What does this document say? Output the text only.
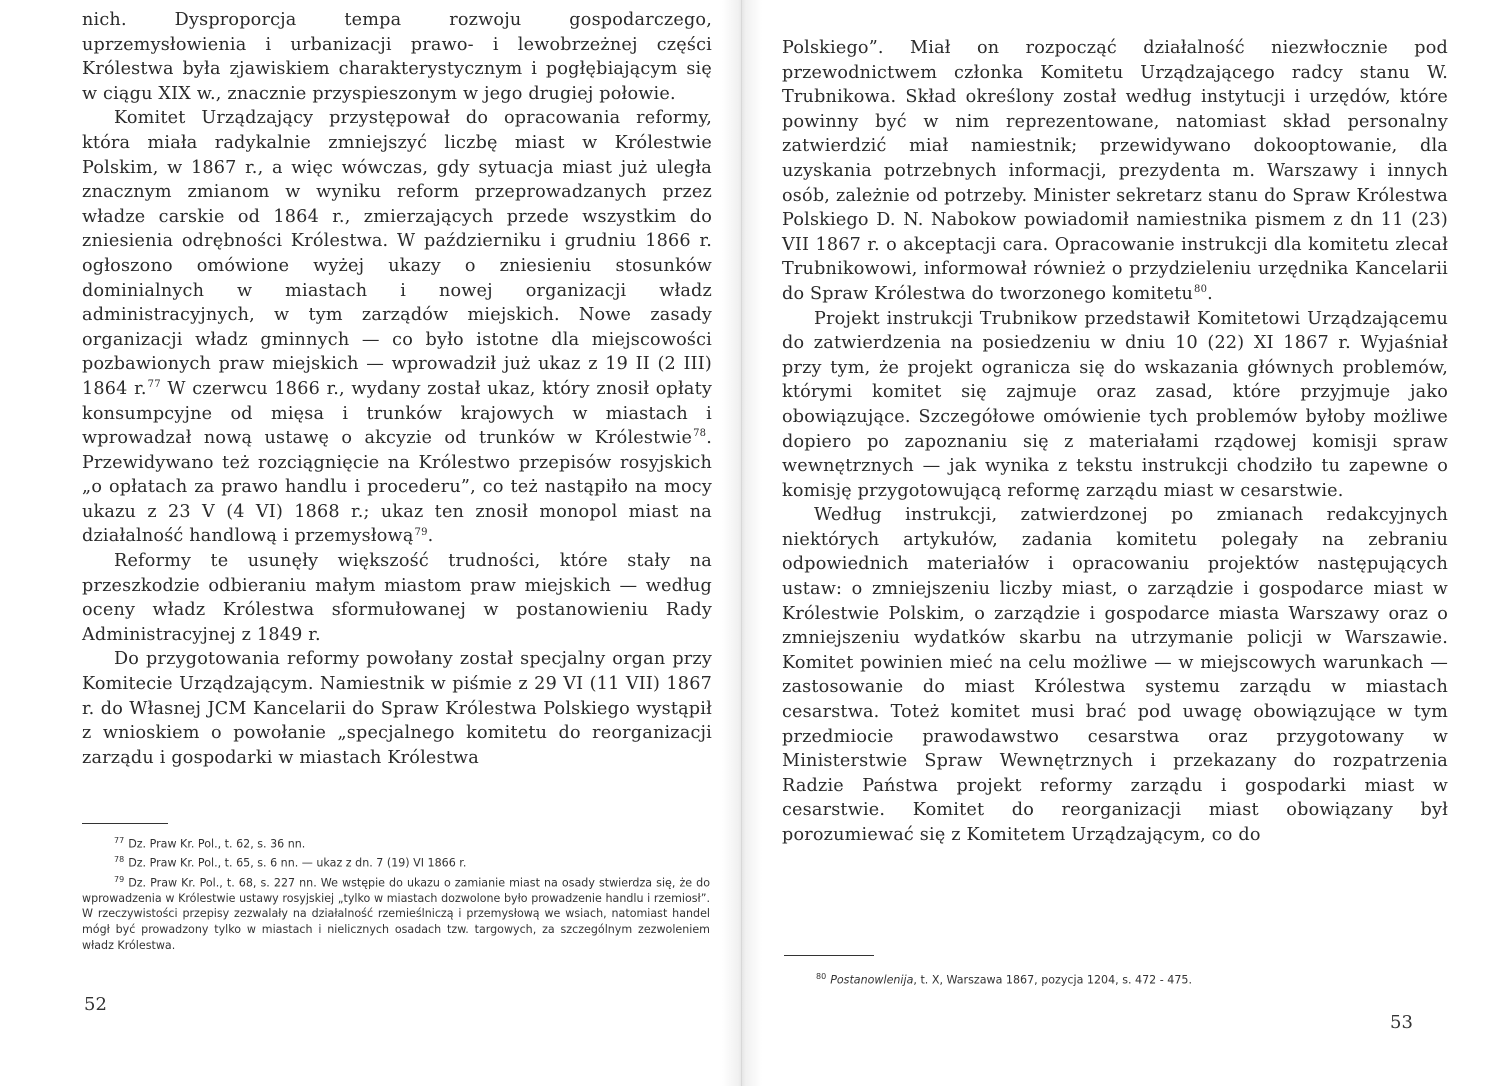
nich. Dysproporcja tempa rozwoju gospodarczego, uprzemysłowienia i urbanizacji prawo- i lewobrzeżnej części Królestwa była zjawiskiem charakterystycznym i pogłębiającym się w ciągu XIX w., znacznie przyspieszonym w jego drugiej połowie.

Komitet Urządzający przystępował do opracowania reformy, która miała radykalnie zmniejszyć liczbę miast w Królestwie Polskim, w 1867 r., a więc wówczas, gdy sytuacja miast już uległa znacznym zmianom w wyniku reform przeprowadzanych przez władze carskie od 1864 r., zmierzających przede wszystkim do zniesienia odrębności Królestwa. W październiku i grudniu 1866 r. ogłoszono omówione wyżej ukazy o zniesieniu stosunków dominialnych w miastach i nowej organizacji władz administracyjnych, w tym zarządów miejskich. Nowe zasady organizacji władz gminnych — co było istotne dla miejscowości pozbawionych praw miejskich — wprowadził już ukaz z 19 II (2 III) 1864 r.$^{77}$ W czerwcu 1866 r., wydany został ukaz, który znosił opłaty konsumpcyjne od mięsa i trunków krajowych w miastach i wprowadzał nową ustawę o akcyzie od trunków w Królestwie$^{78}$. Przewidywano też rozciągnięcie na Królestwo przepisów rosyjskich „o opłatach za prawo handlu i procederu”, co też nastąpiło na mocy ukazu z 23 V (4 VI) 1868 r.; ukaz ten znosił monopol miast na działalność handlową i przemysłową$^{79}$.

Reformy te usunęły większość trudności, które stały na przeszkodzie odbieraniu małym miastom praw miejskich — według oceny władz Królestwa sformułowanej w postanowieniu Rady Administracyjnej z 1849 r.

Do przygotowania reformy powołany został specjalny organ przy Komitecie Urządzającym. Namiestnik w piśmie z 29 VI (11 VII) 1867 r. do Własnej JCM Kancelarii do Spraw Królestwa Polskiego wystąpił z wnioskiem o powołanie „specjalnego komitetu do reorganizacji zarządu i gospodarki w miastach Królestwa

$^{77}$ Dz. Praw Kr. Pol., t. 62, s. 36 nn.

$^{78}$ Dz. Praw Kr. Pol., t. 65, s. 6 nn. — ukaz z dn. 7 (19) VI 1866 r.

$^{79}$ Dz. Praw Kr. Pol., t. 68, s. 227 nn. We wstępie do ukazu o zamianie miast na osady stwierdza się, że do wprowadzenia w Królestwie ustawy rosyjskiej „tylko w miastach dozwolone było prowadzenie handlu i rzemiosł”. W rzeczywistości przepisy zezwalały na działalność rzemieślniczą i przemysłową we wsiach, natomiast handel mógł być prowadzony tylko w miastach i nielicznych osadach tzw. targowych, za szczególnym zezwoleniem władz Królestwa.

52

Polskiego”. Miał on rozpocząć działalność niezwłocznie pod przewodnictwem członka Komitetu Urządzającego radcy stanu W. Trubnikowa. Skład określony został według instytucji i urzędów, które powinny być w nim reprezentowane, natomiast skład personalny zatwierdzić miał namiestnik; przewidywano dokooptowanie, dla uzyskania potrzebnych informacji, prezydenta m. Warszawy i innych osób, zależnie od potrzeby. Minister sekretarz stanu do Spraw Królestwa Polskiego D. N. Nabokow powiadomił namiestnika pismem z dn 11 (23) VII 1867 r. o akceptacji cara. Opracowanie instrukcji dla komitetu zlecał Trubnikowowi, informował również o przydzieleniu urzędnika Kancelarii do Spraw Królestwa do tworzonego komitetu$^{80}$.

Projekt instrukcji Trubnikow przedstawił Komitetowi Urządzającemu do zatwierdzenia na posiedzeniu w dniu 10 (22) XI 1867 r. Wyjaśniał przy tym, że projekt ogranicza się do wskazania głównych problemów, którymi komitet się zajmuje oraz zasad, które przyjmuje jako obowiązujące. Szczegółowe omówienie tych problemów byłoby możliwe dopiero po zapoznaniu się z materiałami rządowej komisji spraw wewnętrznych — jak wynika z tekstu instrukcji chodziło tu zapewne o komisję przygotowującą reformę zarządu miast w cesarstwie.

Według instrukcji, zatwierdzonej po zmianach redakcyjnych niektórych artykułów, zadania komitetu polegały na zebraniu odpowiednich materiałów i opracowaniu projektów następujących ustaw: o zmniejszeniu liczby miast, o zarządzie i gospodarce miast w Królestwie Polskim, o zarządzie i gospodarce miasta Warszawy oraz o zmniejszeniu wydatków skarbu na utrzymanie policji w Warszawie. Komitet powinien mieć na celu możliwe — w miejscowych warunkach — zastosowanie do miast Królestwa systemu zarządu w miastach cesarstwa. Toteż komitet musi brać pod uwagę obowiązujące w tym przedmiocie prawodawstwo cesarstwa oraz przygotowany w Ministerstwie Spraw Wewnętrznych i przekazany do rozpatrzenia Radzie Państwa projekt reformy zarządu i gospodarki miast w cesarstwie. Komitet do reorganizacji miast obowiązany był porozumiewać się z Komitetem Urządzającym, co do

$^{80}$ Postanowlenija, t. X, Warszawa 1867, pozycja 1204, s. 472 - 475.

53
